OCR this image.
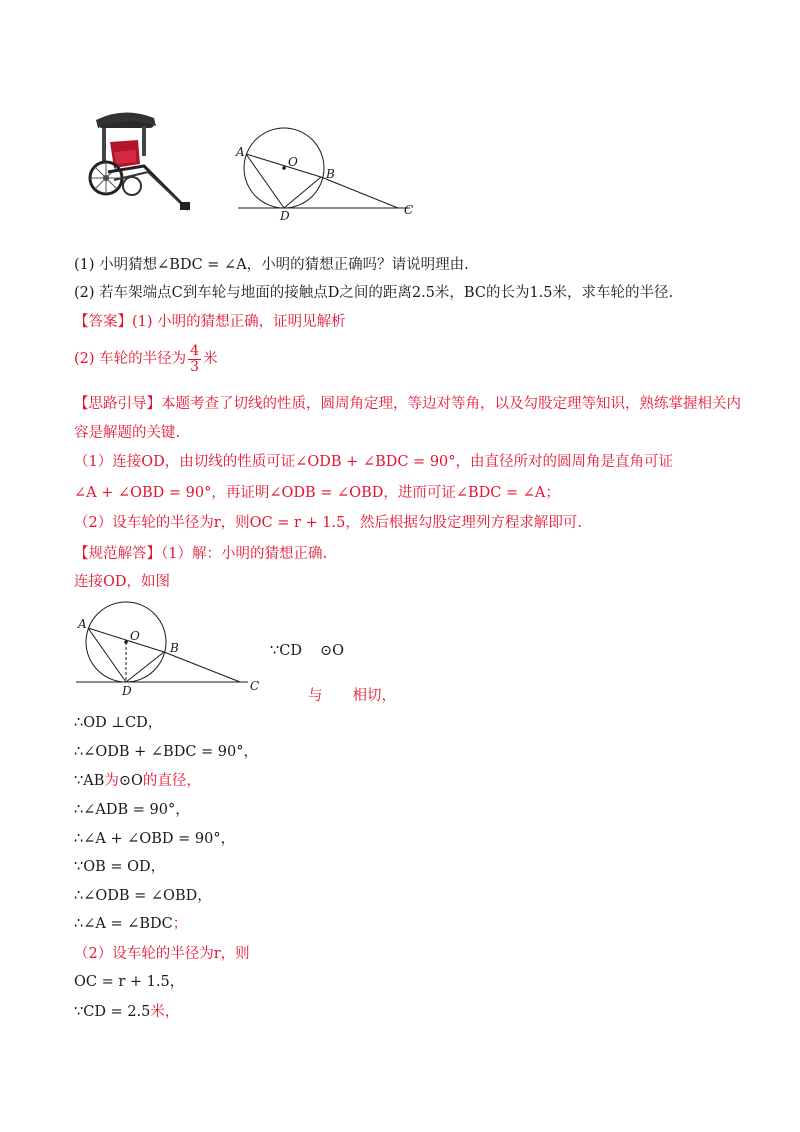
A
O
B
D	C
(1) 小明猜想∠BDC = ∠A，小明的猜想正确吗？请说明理由.
(2) 若车架端点C到车轮与地面的接触点D之间的距离2.5米，BC的长为1.5米，求车轮的半径.
【答案】(1) 小明的猜想正确，证明见解析
(2) 车轮的半径为 $\frac{4}{3}$ 米
【思路引导】本题考查了切线的性质，圆周角定理，等边对等角，以及勾股定理等知识，熟练掌握相关内
容是解题的关键.
（1）连接OD，由切线的性质可证∠ODB + ∠BDC = 90°，由直径所对的圆周角是直角可证
∠A + ∠OBD = 90°，再证明∠ODB = ∠OBD，进而可证∠BDC = ∠A；
（2）设车轮的半径为r，则OC = r + 1.5，然后根据勾股定理列方程求解即可.
【规范解答】（1）解：小明的猜想正确.
连接OD，如图
A
O
B
D	C
∵CD ⊙O
与 相切，
∴OD ⊥CD，
∴∠ODB + ∠BDC = 90°，
∵AB为⊙O的直径，
∴∠ADB = 90°，
∴∠A + ∠OBD = 90°，
∵OB = OD，
∴∠ODB = ∠OBD，
∴∠A = ∠BDC；
（2）设车轮的半径为r，则
OC = r + 1.5，
∵CD = 2.5米，
